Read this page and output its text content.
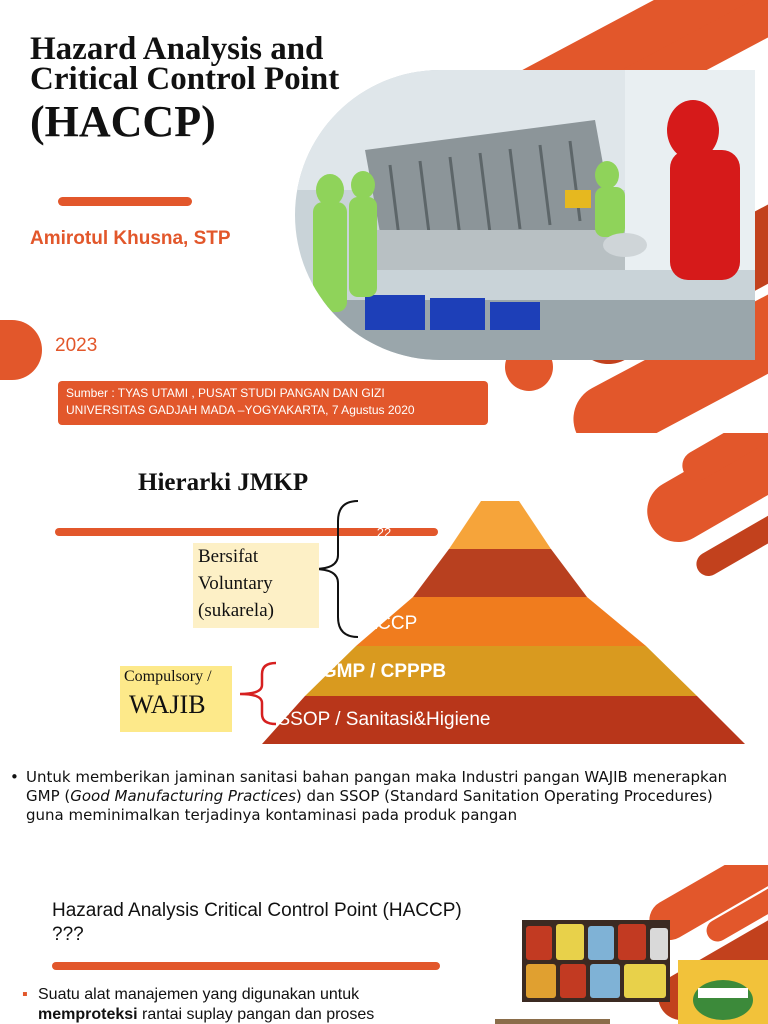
Hazard Analysis and
Critical Control Point
(HACCP)
Amirotul Khusna, STP
2023
Sumber : TYAS UTAMI , PUSAT STUDI PANGAN DAN GIZI
UNIVERSITAS GADJAH MADA –YOGYAKARTA, 7 Agustus 2020
Hierarki JMKP
Bersifat
Voluntary
(sukarela)
Compulsory /
WAJIB
O
22
ISO 9001 /
SMM
HACCP
GMP / CPPPB
SSOP / Sanitasi&Higiene
• Untuk memberikan jaminan sanitasi bahan pangan maka Industri pangan WAJIB menerapkan GMP (Good Manufacturing Practices) dan SSOP (Standard Sanitation Operating Procedures) guna meminimalkan terjadinya kontaminasi pada produk pangan
Hazarad Analysis Critical Control Point (HACCP) ???
▪ Suatu alat manajemen yang digunakan untuk
memproteksi rantai suplay pangan dan proses
